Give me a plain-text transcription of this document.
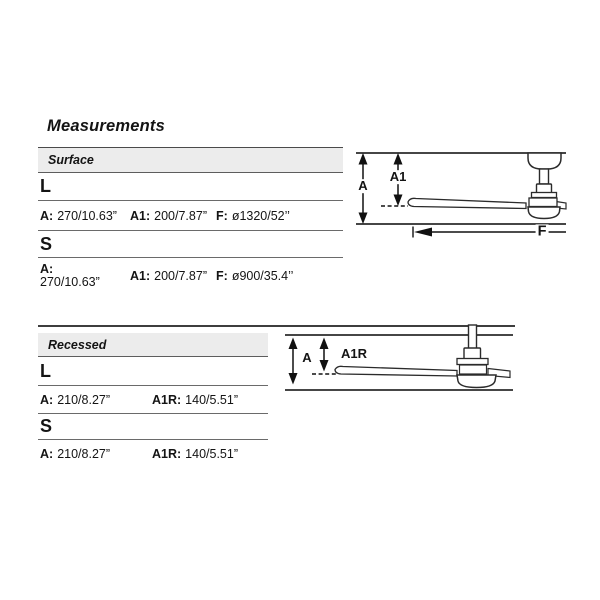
Measurements
Surface
L
A: 270/10.63”	A1: 200/7.87” F: ø1320/52’’
S
A:
270/10.63”	A1: 200/7.87” F: ø900/35.4’’
A
A1
F
Recessed
L
A: 210/8.27”	A1R: 140/5.51”
S
A: 210/8.27”	A1R: 140/5.51”
A A1R
